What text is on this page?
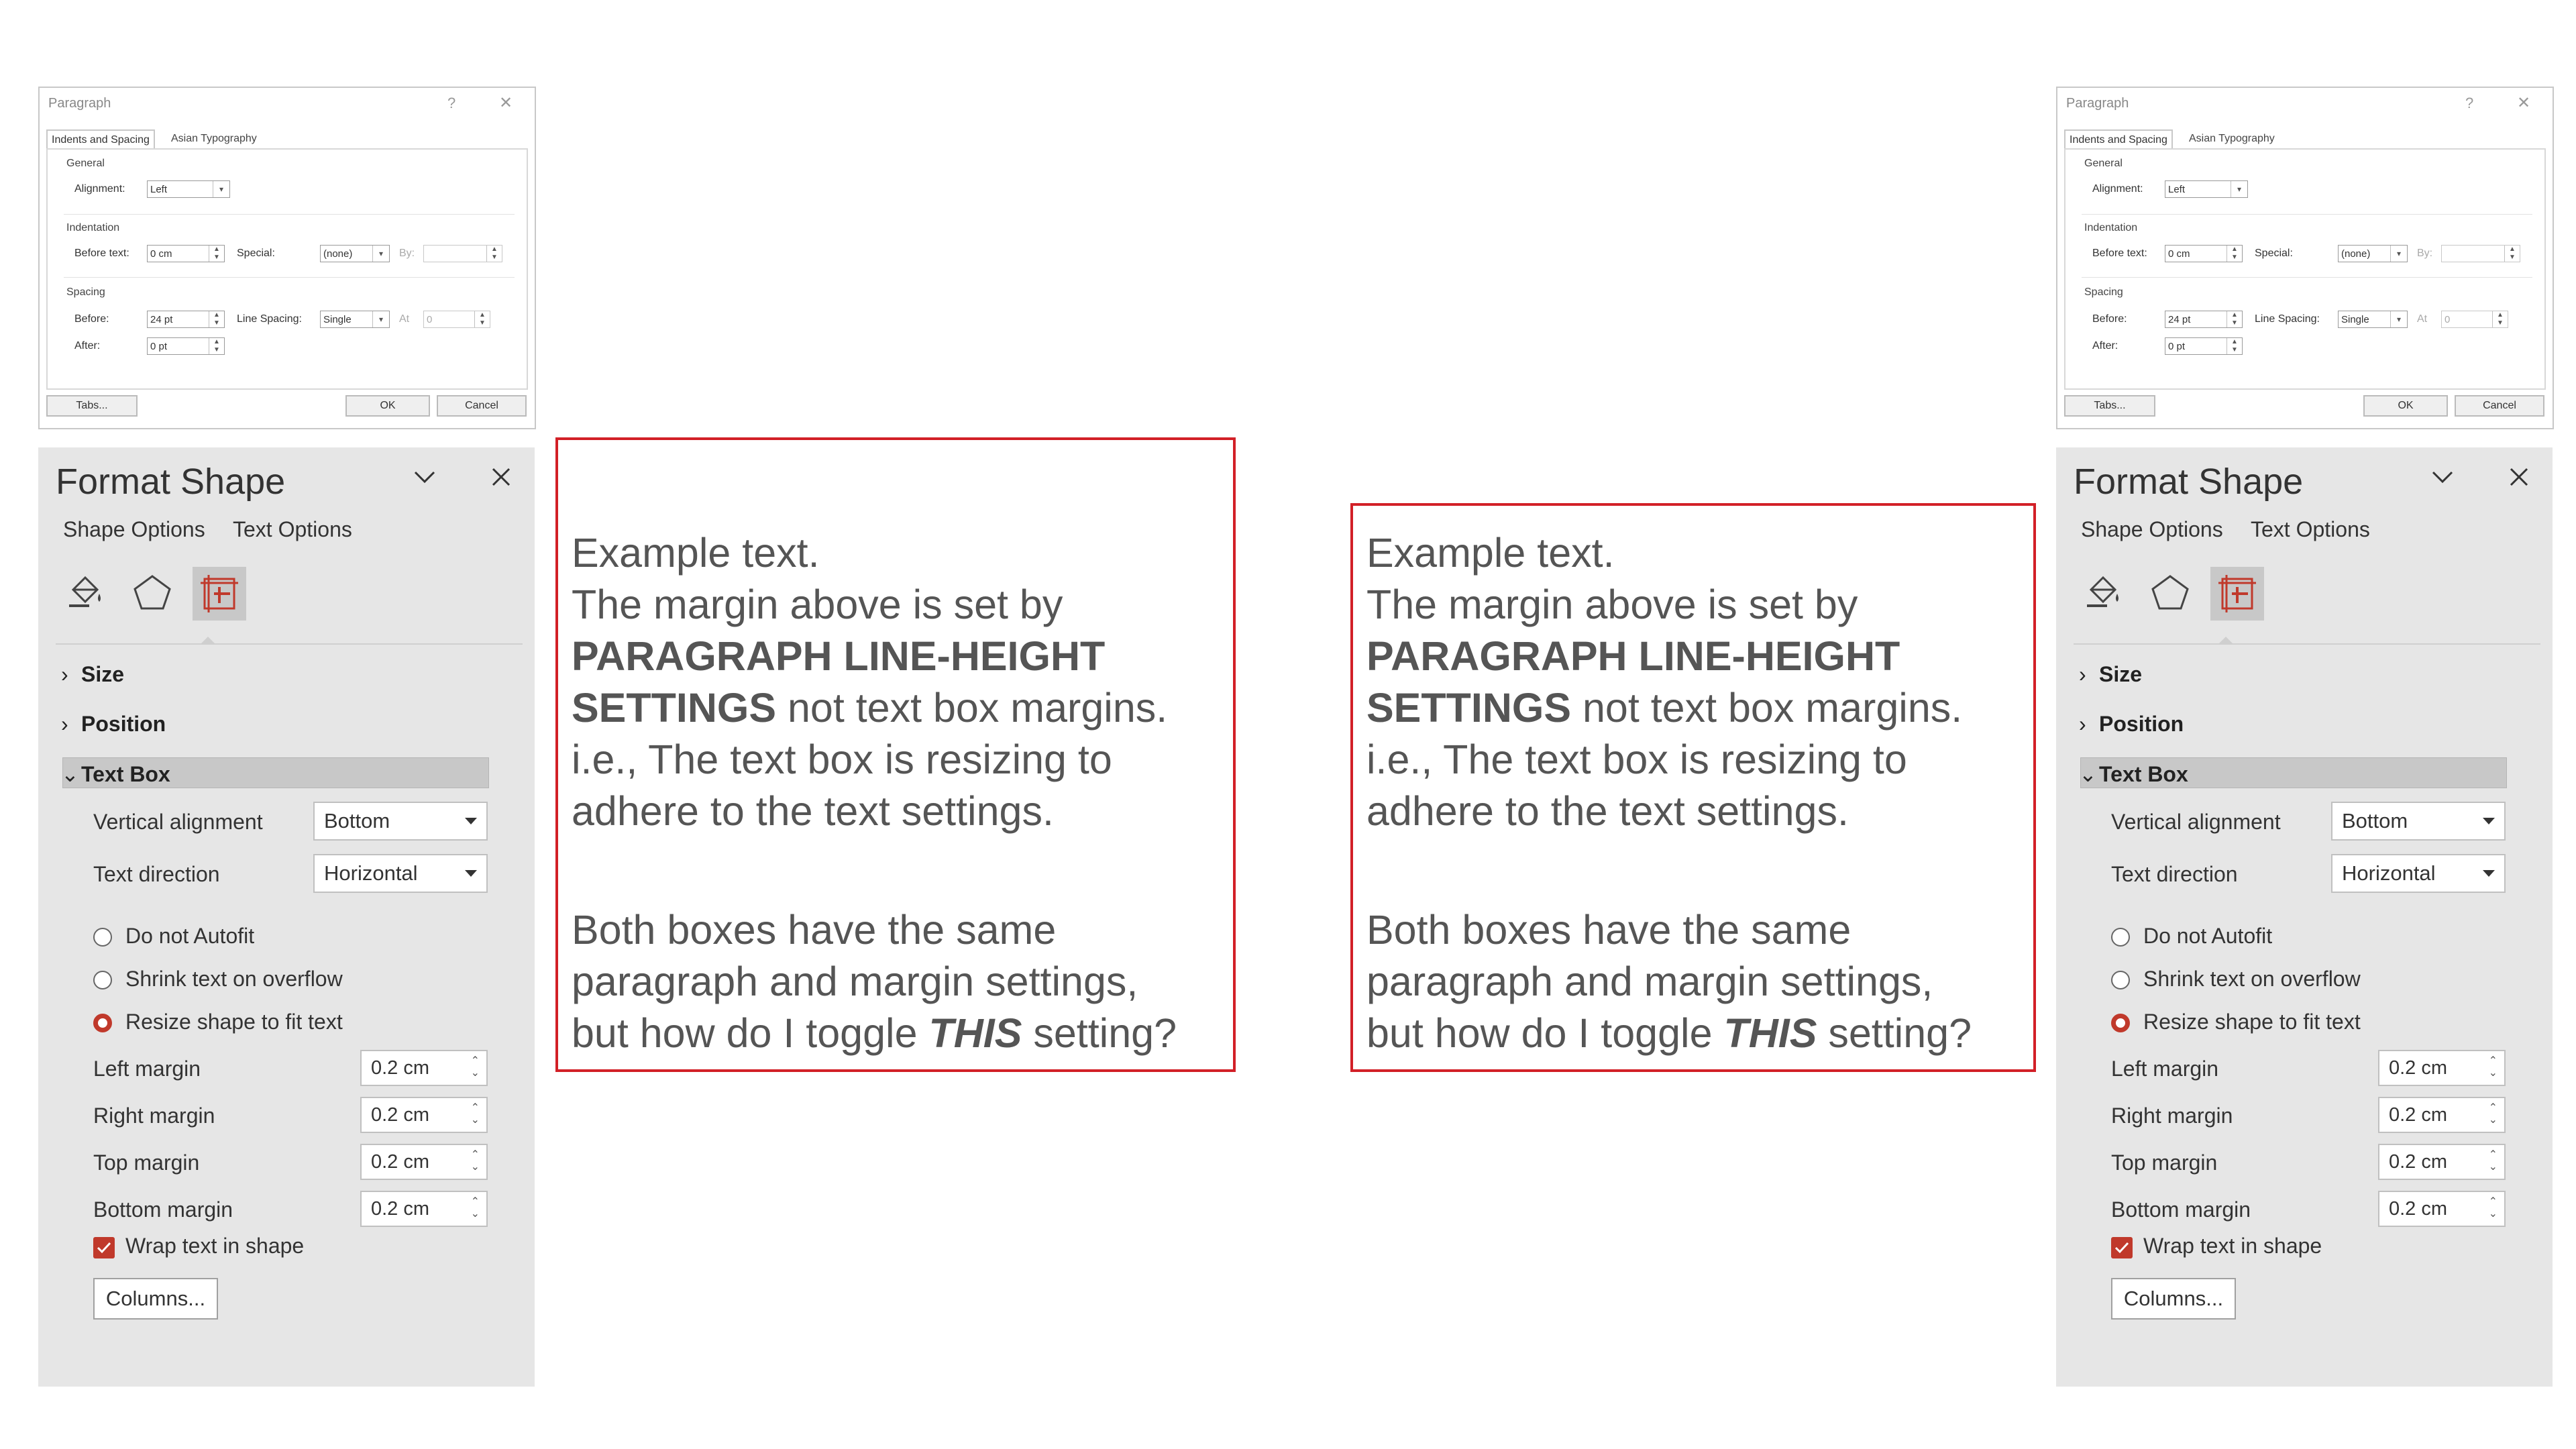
Paragraph	?	✕
Indents and Spacing	Asian Typography
General
Alignment:	Left	▾
Indentation
Before text:	0 cm	▲
▼	Special:	(none)	▾	By:	▲
▼
Spacing
Before:	24 pt	▲
▼	Line Spacing:	Single	▾	At	0	▲
▼
After:	0 pt	▲
▼
Tabs...	OK	Cancel
Format Shape
Shape Options Text Options
› Size
› Position
⌄Text Box
Vertical alignment	Bottom
Text direction	Horizontal
Do not Autofit
Shrink text on overflow
Resize shape to fit text
Left margin	0.2 cm	⌃
⌄
Right margin	0.2 cm	⌃
⌄
Top margin	0.2 cm	⌃
⌄
Bottom margin	0.2 cm	⌃
⌄
Wrap text in shape
Columns...

Example text.

The margin above is set by

PARAGRAPH LINE-HEIGHT

SETTINGS not text box margins.

i.e., The text box is resizing to

adhere to the text settings.

Both boxes have the same

paragraph and margin settings,

but how do I toggle THIS setting?

Example text.

The margin above is set by

PARAGRAPH LINE-HEIGHT

SETTINGS not text box margins.

i.e., The text box is resizing to

adhere to the text settings.

Both boxes have the same

paragraph and margin settings,

but how do I toggle THIS setting?

Paragraph	?	✕
Indents and Spacing	Asian Typography
General
Alignment:	Left	▾
Indentation
Before text:	0 cm	▲
▼	Special:	(none)	▾	By:	▲
▼
Spacing
Before:	24 pt	▲
▼	Line Spacing:	Single	▾	At	0	▲
▼
After:	0 pt	▲
▼
Tabs...	OK	Cancel
Format Shape
Shape Options Text Options
› Size
› Position
⌄Text Box
Vertical alignment	Bottom
Text direction	Horizontal
Do not Autofit
Shrink text on overflow
Resize shape to fit text
Left margin	0.2 cm	⌃
⌄
Right margin	0.2 cm	⌃
⌄
Top margin	0.2 cm	⌃
⌄
Bottom margin	0.2 cm	⌃
⌄
Wrap text in shape
Columns...
